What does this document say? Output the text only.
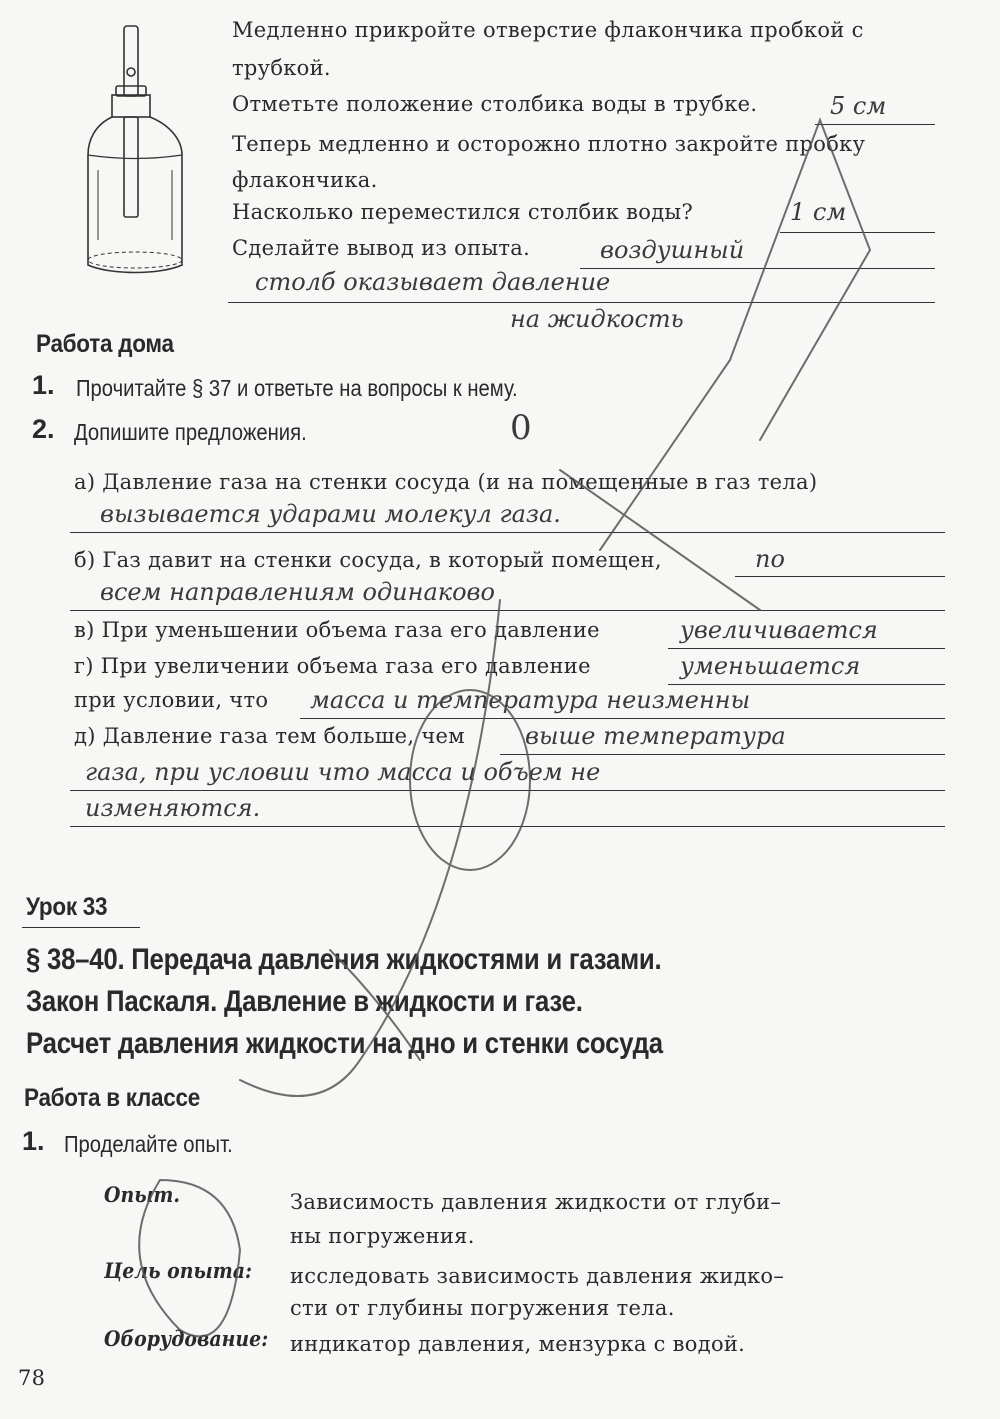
Медленно прикройте отверстие флакончика пробкой с
трубкой.
Отметьте положение столбика воды в трубке.	5 см
Теперь медленно и осторожно плотно закройте пробку
флакончика.
Насколько переместился столбик воды?	1 см
Сделайте вывод из опыта.	воздушный
столб оказывает давление
на жидкость
Работа дома
1. Прочитайте § 37 и ответьте на вопросы к нему.
2. Допишите предложения.	0
а) Давление газа на стенки сосуда (и на помещенные в газ тела)
вызывается ударами молекул газа.
б) Газ давит на стенки сосуда, в который помещен,	по
всем направлениям одинаково
в) При уменьшении объема газа его давление	увеличивается
г) При увеличении объема газа его давление	уменьшается
при условии, что масса и температура неизменны
д) Давление газа тем больше, чем	выше температура
газа, при условии что масса и объем не
изменяются.
Урок 33
§ 38–40. Передача давления жидкостями и газами.
Закон Паскаля. Давление в жидкости и газе.
Расчет давления жидкости на дно и стенки сосуда
Работа в классе
1. Проделайте опыт.
Опыт.	Зависимость давления жидкости от глуби–
ны погружения.
Цель опыта: исследовать зависимость давления жидко–
сти от глубины погружения тела.
Оборудование: индикатор давления, мензурка с водой.
78
